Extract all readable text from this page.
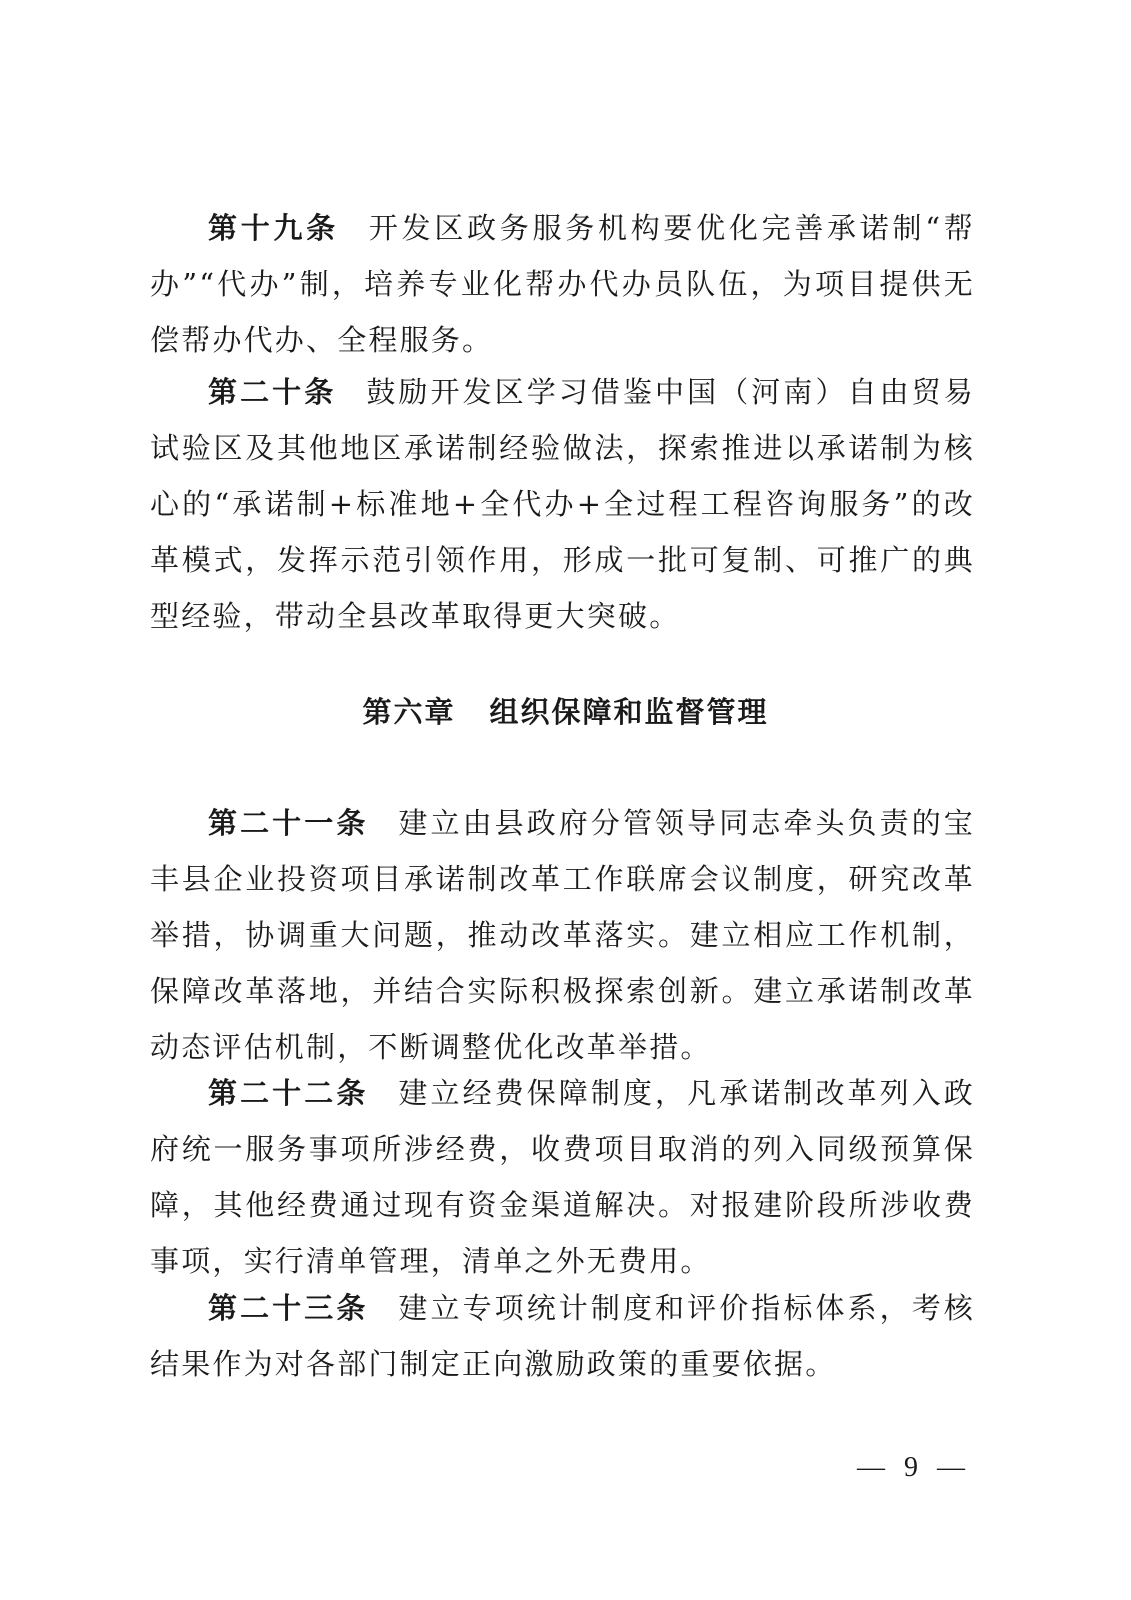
第十九条 开发区政务服务机构要优化完善承诺制“帮办”“代办”制，培养专业化帮办代办员队伍，为项目提供无偿帮办代办、全程服务。

第二十条 鼓励开发区学习借鉴中国（河南）自由贸易试验区及其他地区承诺制经验做法，探索推进以承诺制为核心的“承诺制+标准地+全代办+全过程工程咨询服务”的改革模式，发挥示范引领作用，形成一批可复制、可推广的典型经验，带动全县改革取得更大突破。

第六章 组织保障和监督管理

第二十一条 建立由县政府分管领导同志牵头负责的宝丰县企业投资项目承诺制改革工作联席会议制度，研究改革举措，协调重大问题，推动改革落实。建立相应工作机制，保障改革落地，并结合实际积极探索创新。建立承诺制改革动态评估机制，不断调整优化改革举措。

第二十二条 建立经费保障制度，凡承诺制改革列入政府统一服务事项所涉经费，收费项目取消的列入同级预算保障，其他经费通过现有资金渠道解决。对报建阶段所涉收费事项，实行清单管理，清单之外无费用。

第二十三条 建立专项统计制度和评价指标体系，考核结果作为对各部门制定正向激励政策的重要依据。

— 9 —
